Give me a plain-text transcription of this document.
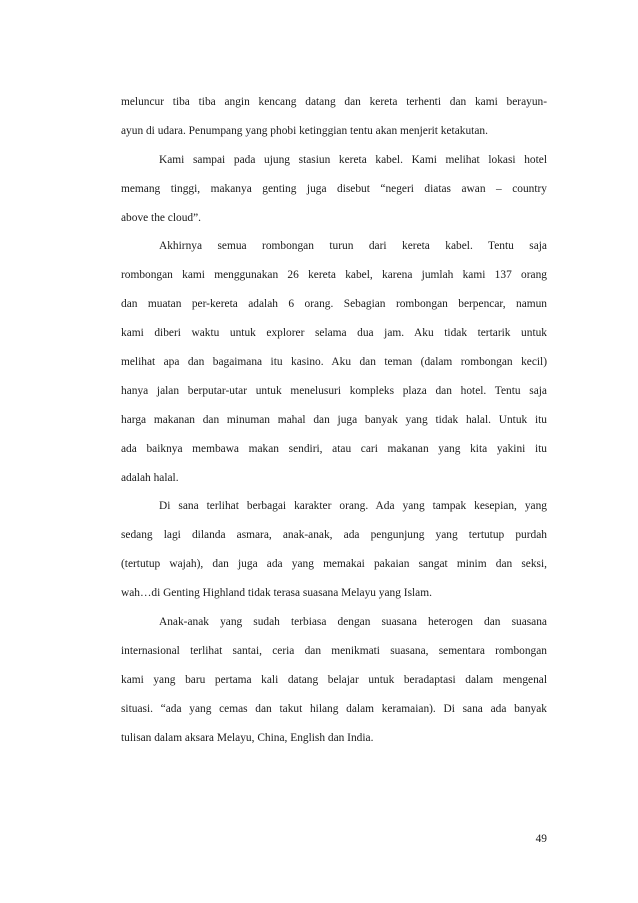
meluncur tiba tiba angin kencang datang dan kereta terhenti dan kami berayun-
ayun di udara. Penumpang yang phobi ketinggian tentu akan menjerit ketakutan.
Kami sampai pada ujung stasiun kereta kabel. Kami melihat lokasi hotel
memang tinggi, makanya genting juga disebut “negeri diatas awan – country
above the cloud”.
Akhirnya semua rombongan turun dari kereta kabel. Tentu saja
rombongan kami menggunakan 26 kereta kabel, karena jumlah kami 137 orang
dan muatan per-kereta adalah 6 orang. Sebagian rombongan berpencar, namun
kami diberi waktu untuk explorer selama dua jam. Aku tidak tertarik untuk
melihat apa dan bagaimana itu kasino. Aku dan teman (dalam rombongan kecil)
hanya jalan berputar-utar untuk menelusuri kompleks plaza dan hotel. Tentu saja
harga makanan dan minuman mahal dan juga banyak yang tidak halal. Untuk itu
ada baiknya membawa makan sendiri, atau cari makanan yang kita yakini itu
adalah halal.
Di sana terlihat berbagai karakter orang. Ada yang tampak kesepian, yang
sedang lagi dilanda asmara, anak-anak, ada pengunjung yang tertutup purdah
(tertutup wajah), dan juga ada yang memakai pakaian sangat minim dan seksi,
wah…di Genting Highland tidak terasa suasana Melayu yang Islam.
Anak-anak yang sudah terbiasa dengan suasana heterogen dan suasana
internasional terlihat santai, ceria dan menikmati suasana, sementara rombongan
kami yang baru pertama kali datang belajar untuk beradaptasi dalam mengenal
situasi. “ada yang cemas dan takut hilang dalam keramaian). Di sana ada banyak
tulisan dalam aksara Melayu, China, English dan India.
49
